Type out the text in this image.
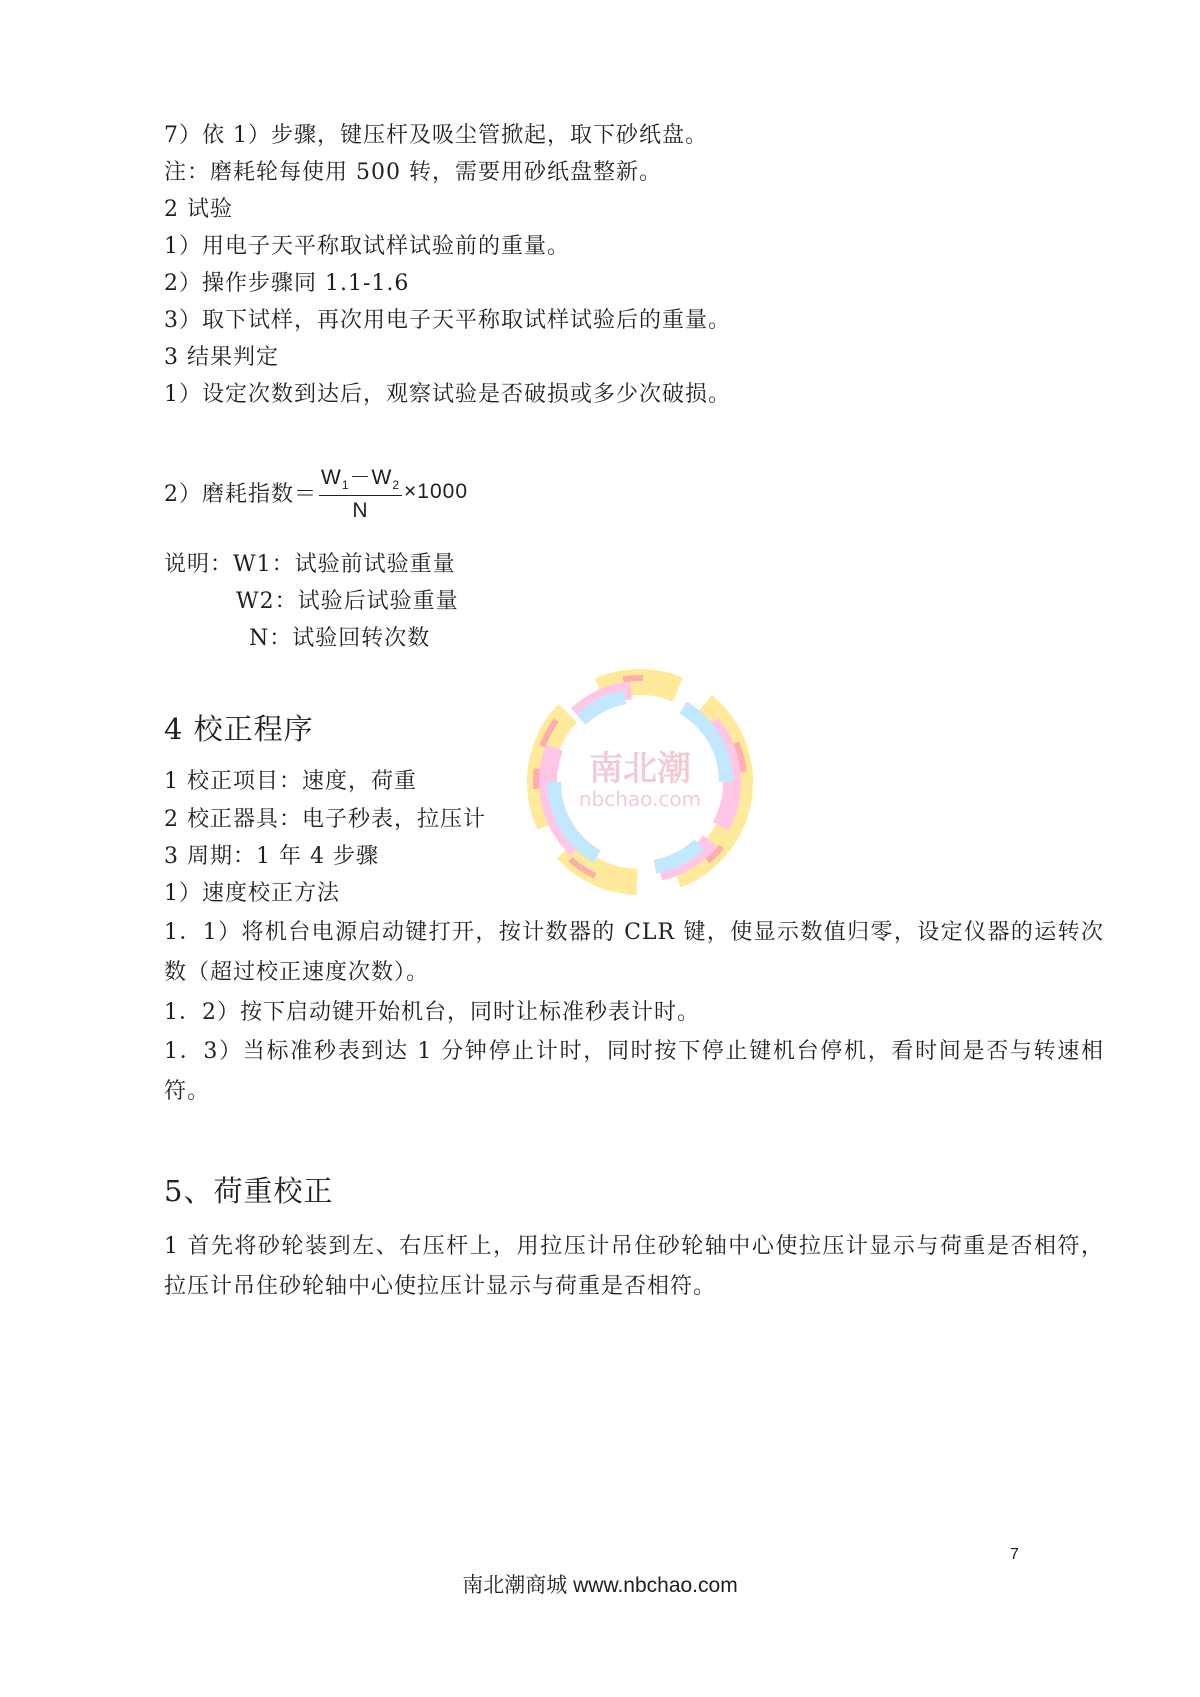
7）依 1）步骤，键压杆及吸尘管掀起，取下砂纸盘。
注：磨耗轮每使用 500 转，需要用砂纸盘整新。
2 试验
1）用电子天平称取试样试验前的重量。
2）操作步骤同 1.1-1.6
3）取下试样，再次用电子天平称取试样试验后的重量。
3 结果判定
1）设定次数到达后，观察试验是否破损或多少次破损。
2）磨耗指数＝ $\frac{W_1-W_2}{N} \times 1000$
说明：W1：试验前试验重量
W2：试验后试验重量
N：试验回转次数
4 校正程序
1 校正项目：速度，荷重
2 校正器具：电子秒表，拉压计
3 周期：1 年 4 步骤
1）速度校正方法
1．1）将机台电源启动键打开，按计数器的 CLR 键，使显示数值归零，设定仪器的运转次数（超过校正速度次数）。
1．2）按下启动键开始机台，同时让标准秒表计时。
1．3）当标准秒表到达 1 分钟停止计时，同时按下停止键机台停机，看时间是否与转速相符。
5、荷重校正
1 首先将砂轮装到左、右压杆上，用拉压计吊住砂轮轴中心使拉压计显示与荷重是否相符，拉压计吊住砂轮轴中心使拉压计显示与荷重是否相符。
南北潮
nbchao.com
7
南北潮商城 www.nbchao.com
